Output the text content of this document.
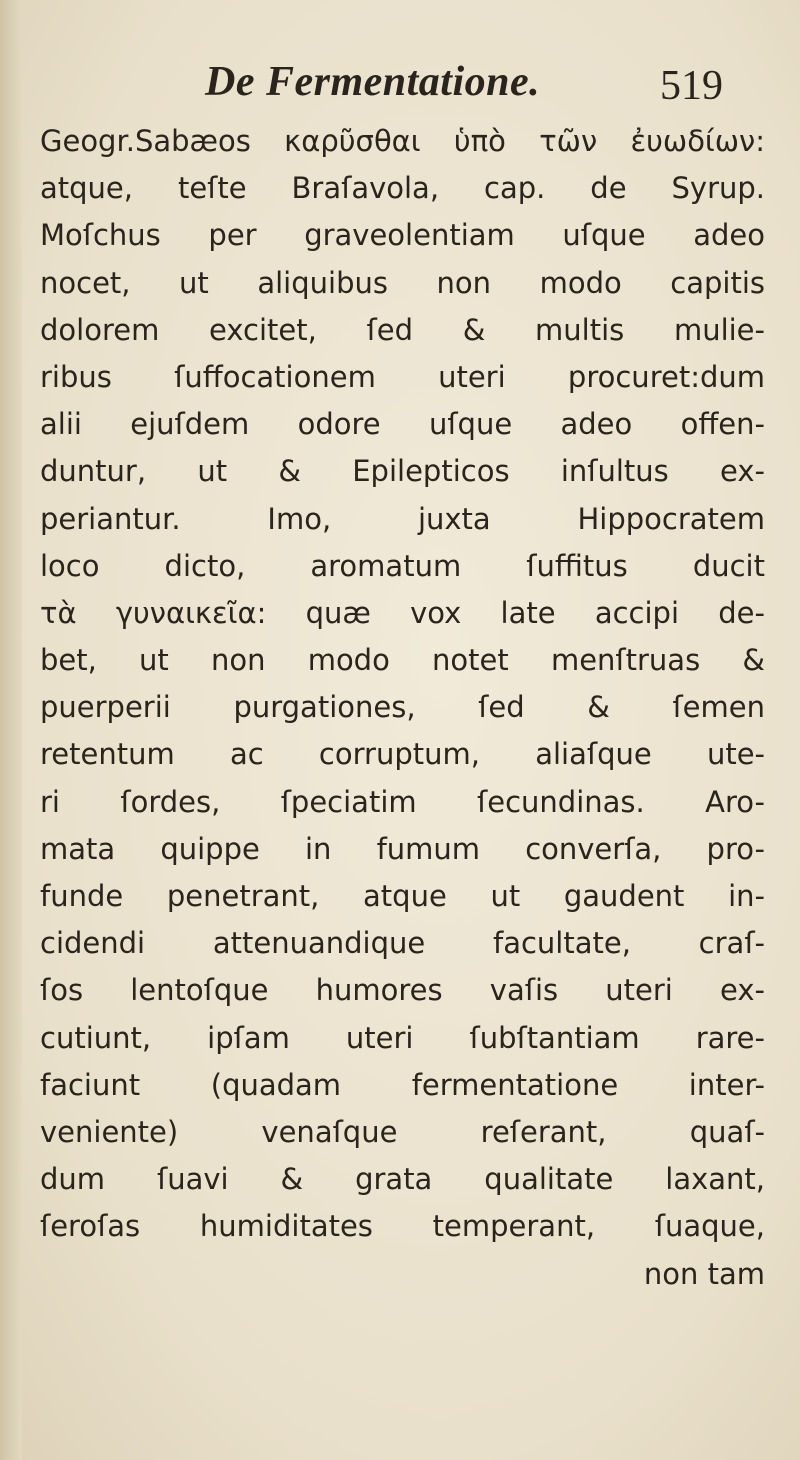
De Fermentatione.	519
Geogr.Sabæos καρῦσθαι ὑπὸ τῶν ἐυωδίων:
atque, teſte Braſavola, cap. de Syrup.
Moſchus per graveolentiam uſque adeo
nocet, ut aliquibus non modo capitis
dolorem excitet, ſed & multis mulie-
ribus ſuffocationem uteri procuret:dum
alii ejuſdem odore uſque adeo offen-
duntur, ut & Epilepticos inſultus ex-
periantur. Imo, juxta Hippocratem
loco dicto, aromatum ſuffitus ducit
τὰ γυναικεῖα: quæ vox late accipi de-
bet, ut non modo notet menſtruas &
puerperii purgationes, ſed & ſemen
retentum ac corruptum, aliaſque ute-
ri ſordes, ſpeciatim ſecundinas. Aro-
mata quippe in fumum converſa, pro-
funde penetrant, atque ut gaudent in-
cidendi attenuandique facultate, craſ-
ſos lentoſque humores vaſis uteri ex-
cutiunt, ipſam uteri ſubſtantiam rare-
faciunt (quadam fermentatione inter-
veniente) venaſque reſerant, quaſ-
dum ſuavi & grata qualitate laxant,
ſeroſas humiditates temperant, ſuaque,
non tam
